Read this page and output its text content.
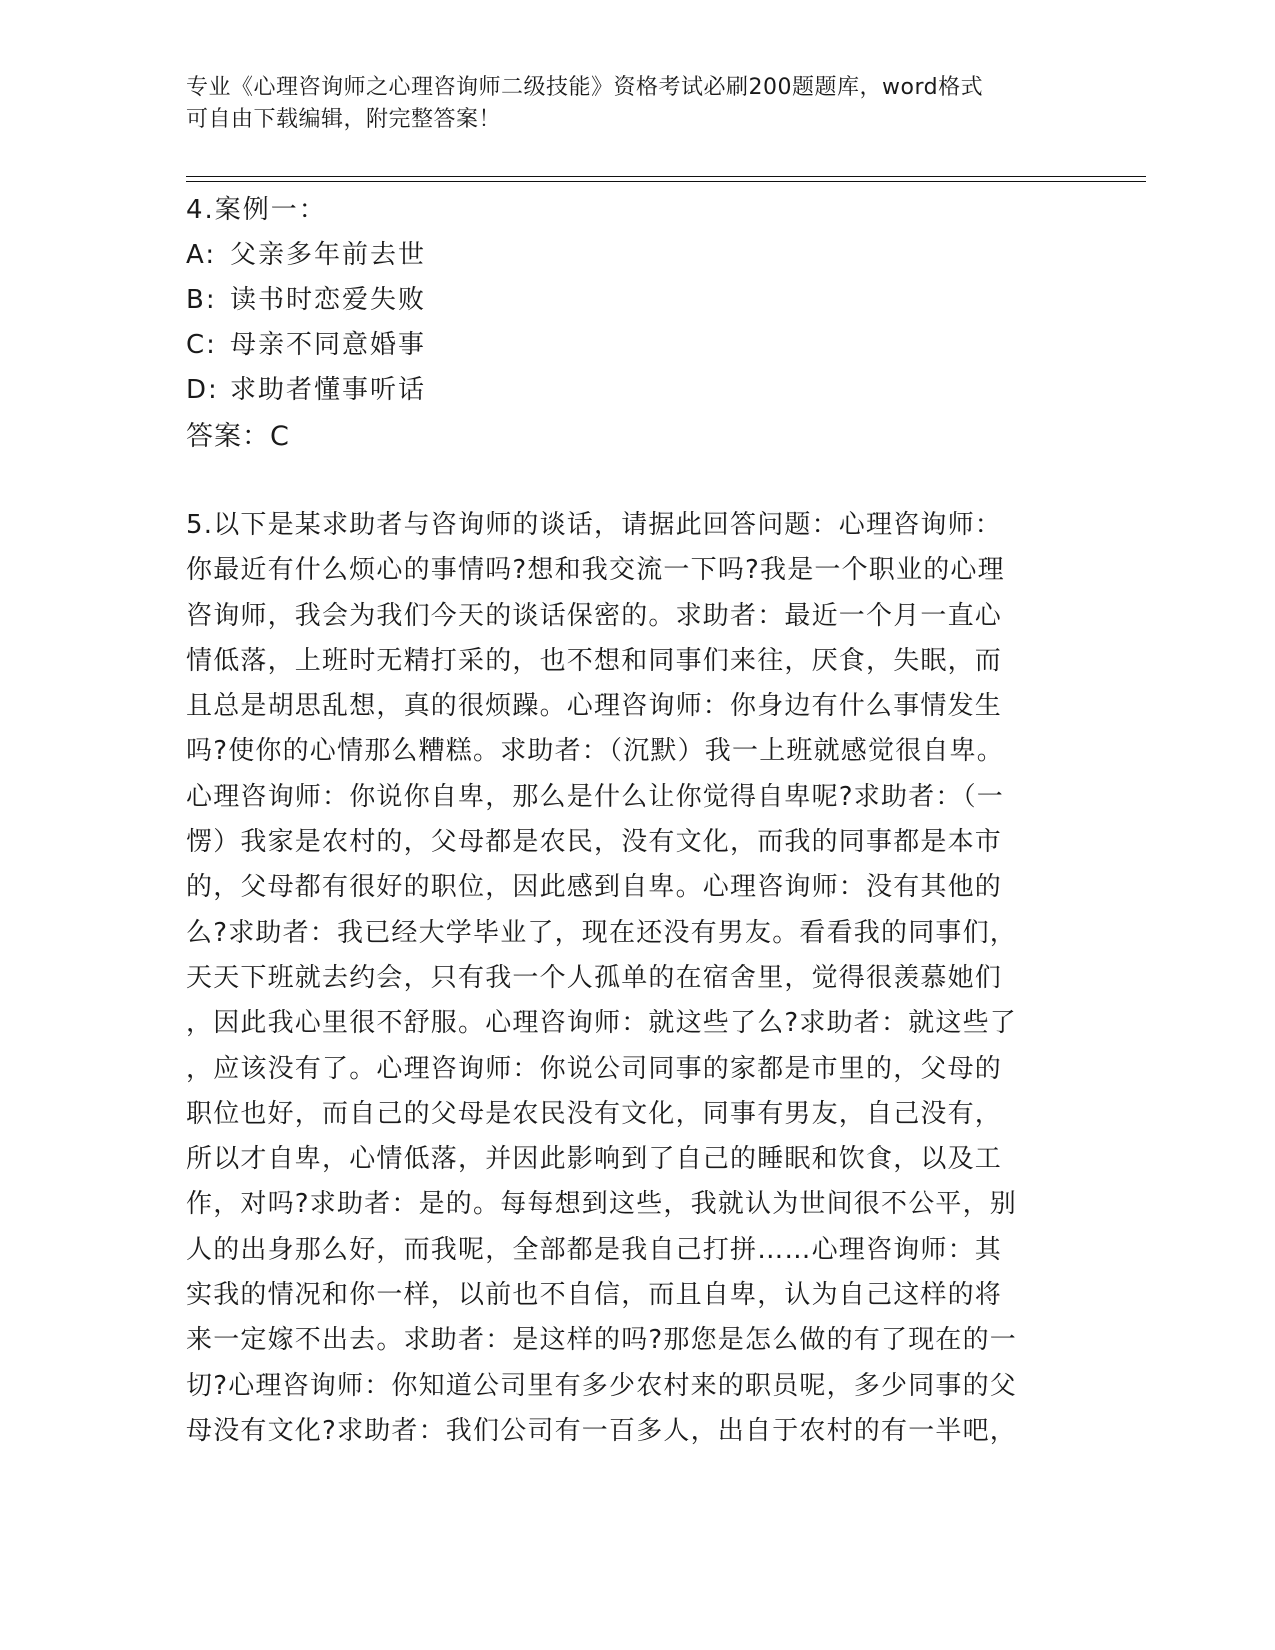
专业《心理咨询师之心理咨询师二级技能》资格考试必刷200题题库，word格式
可自由下载编辑，附完整答案！
4.案例一：
A: 父亲多年前去世
B: 读书时恋爱失败
C: 母亲不同意婚事
D: 求助者懂事听话
答案：C
5.以下是某求助者与咨询师的谈话，请据此回答问题：心理咨询师：
你最近有什么烦心的事情吗?想和我交流一下吗?我是一个职业的心理
咨询师，我会为我们今天的谈话保密的。求助者：最近一个月一直心
情低落，上班时无精打采的，也不想和同事们来往，厌食，失眠，而
且总是胡思乱想，真的很烦躁。心理咨询师：你身边有什么事情发生
吗?使你的心情那么糟糕。求助者：（沉默）我一上班就感觉很自卑。
心理咨询师：你说你自卑，那么是什么让你觉得自卑呢?求助者：（一
愣）我家是农村的，父母都是农民，没有文化，而我的同事都是本市
的，父母都有很好的职位，因此感到自卑。心理咨询师：没有其他的
么?求助者：我已经大学毕业了，现在还没有男友。看看我的同事们，
天天下班就去约会，只有我一个人孤单的在宿舍里，觉得很羡慕她们
，因此我心里很不舒服。心理咨询师：就这些了么?求助者：就这些了
，应该没有了。心理咨询师：你说公司同事的家都是市里的，父母的
职位也好，而自己的父母是农民没有文化，同事有男友，自己没有，
所以才自卑，心情低落，并因此影响到了自己的睡眠和饮食，以及工
作，对吗?求助者：是的。每每想到这些，我就认为世间很不公平，别
人的出身那么好，而我呢，全部都是我自己打拼……心理咨询师：其
实我的情况和你一样，以前也不自信，而且自卑，认为自己这样的将
来一定嫁不出去。求助者：是这样的吗?那您是怎么做的有了现在的一
切?心理咨询师：你知道公司里有多少农村来的职员呢，多少同事的父
母没有文化?求助者：我们公司有一百多人，出自于农村的有一半吧，
